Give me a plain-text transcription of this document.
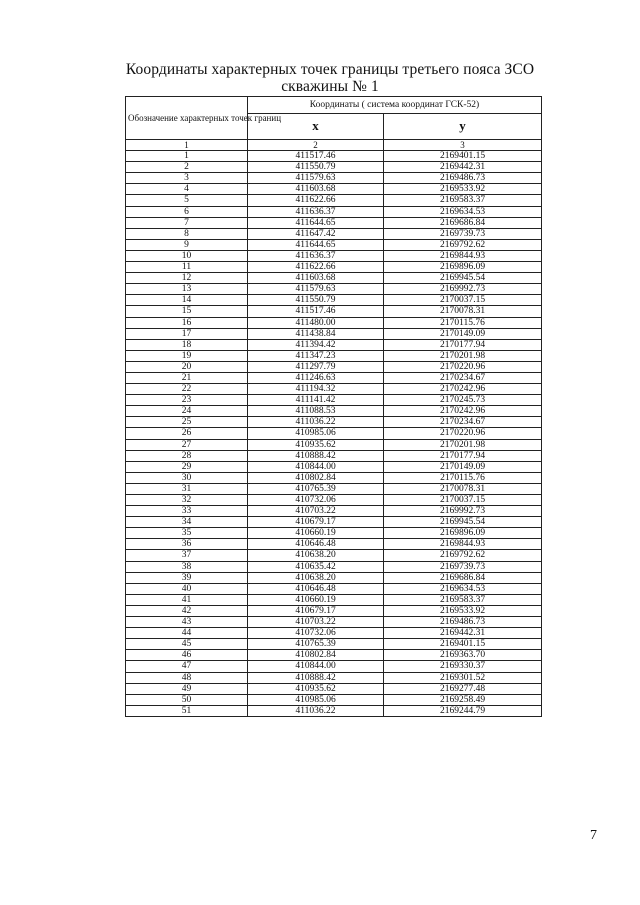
Координаты характерных точек границы третьего пояса ЗСО
скважины № 1
Обозначение характерных точек границ	Координаты ( система координат ГСК-52)	
	x	y
1	2	3
1	411517.46	2169401.15
2	411550.79	2169442.31
3	411579.63	2169486.73
4	411603.68	2169533.92
5	411622.66	2169583.37
6	411636.37	2169634.53
7	411644.65	2169686.84
8	411647.42	2169739.73
9	411644.65	2169792.62
10	411636.37	2169844.93
11	411622.66	2169896.09
12	411603.68	2169945.54
13	411579.63	2169992.73
14	411550.79	2170037.15
15	411517.46	2170078.31
16	411480.00	2170115.76
17	411438.84	2170149.09
18	411394.42	2170177.94
19	411347.23	2170201.98
20	411297.79	2170220.96
21	411246.63	2170234.67
22	411194.32	2170242.96
23	411141.42	2170245.73
24	411088.53	2170242.96
25	411036.22	2170234.67
26	410985.06	2170220.96
27	410935.62	2170201.98
28	410888.42	2170177.94
29	410844.00	2170149.09
30	410802.84	2170115.76
31	410765.39	2170078.31
32	410732.06	2170037.15
33	410703.22	2169992.73
34	410679.17	2169945.54
35	410660.19	2169896.09
36	410646.48	2169844.93
37	410638.20	2169792.62
38	410635.42	2169739.73
39	410638.20	2169686.84
40	410646.48	2169634.53
41	410660.19	2169583.37
42	410679.17	2169533.92
43	410703.22	2169486.73
44	410732.06	2169442.31
45	410765.39	2169401.15
46	410802.84	2169363.70
47	410844.00	2169330.37
48	410888.42	2169301.52
49	410935.62	2169277.48
50	410985.06	2169258.49
51	411036.22	2169244.79
7
